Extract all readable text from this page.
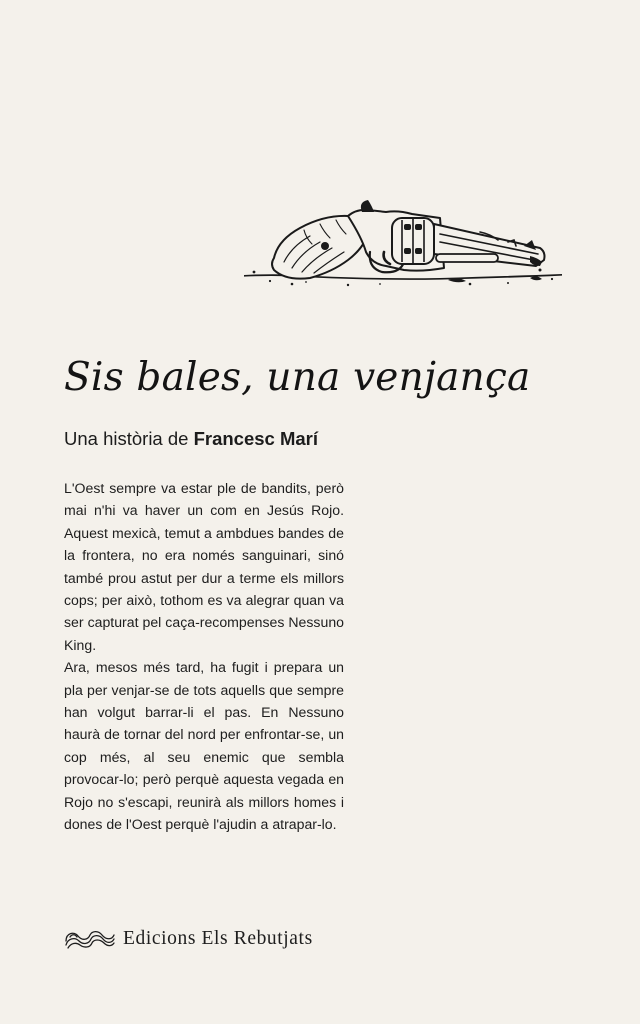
Sis bales, una venjança
Una història de Francesc Marí

L'Oest sempre va estar ple de bandits, però mai n'hi va haver un com en Jesús Rojo. Aquest mexicà, temut a ambdues bandes de la frontera, no era només sanguinari, sinó també prou astut per dur a terme els millors cops; per això, tothom es va alegrar quan va ser capturat pel caça-recompenses Nessuno King.

Ara, mesos més tard, ha fugit i prepara un pla per venjar-se de tots aquells que sempre han volgut barrar-li el pas. En Nessuno haurà de tornar del nord per enfrontar-se, un cop més, al seu enemic que sembla provocar-lo; però perquè aquesta vegada en Rojo no s'escapi, reunirà als millors homes i dones de l'Oest perquè l'ajudin a atrapar-lo.

Edicions Els Rebutjats
